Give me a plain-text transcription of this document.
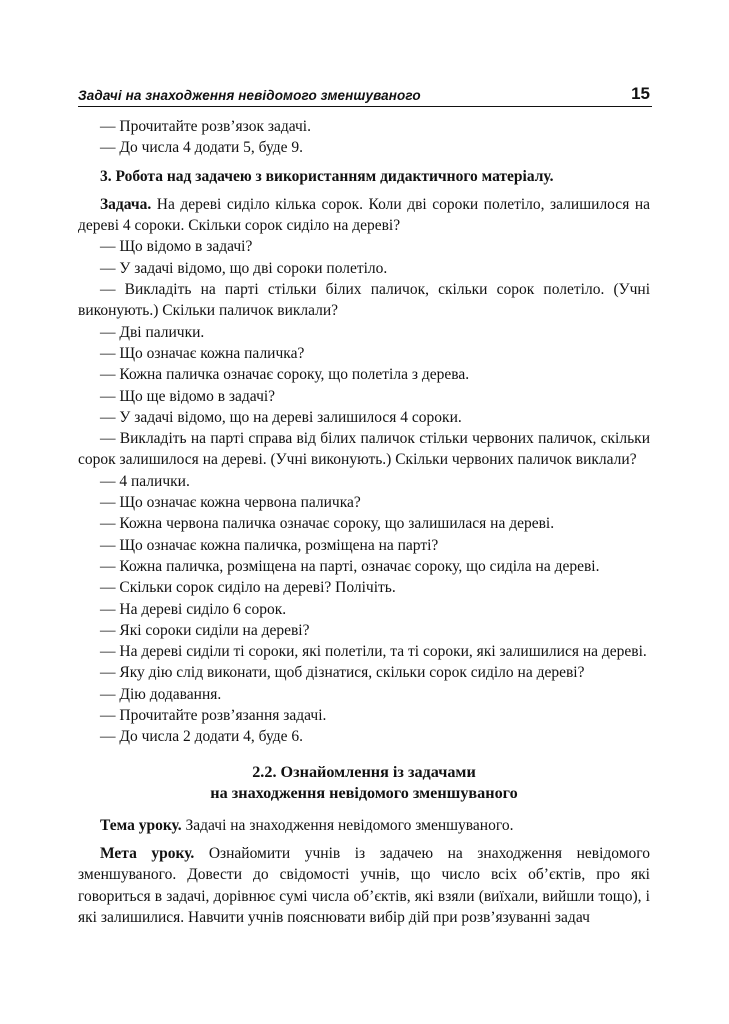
Задачі на знаходження невідомого зменшуваного	15

— Прочитайте розв’язок задачі.

— До числа 4 додати 5, буде 9.

3. Робота над задачею з використанням дидактичного матеріалу.

Задача. На дереві сиділо кілька сорок. Коли дві сороки полетіло, залишилося на дереві 4 сороки. Скільки сорок сиділо на дереві?

— Що відомо в задачі?

— У задачі відомо, що дві сороки полетіло.

— Викладіть на парті стільки білих паличок, скільки сорок полетіло. (Учні виконують.) Скільки паличок виклали?

— Дві палички.

— Що означає кожна паличка?

— Кожна паличка означає сороку, що полетіла з дерева.

— Що ще відомо в задачі?

— У задачі відомо, що на дереві залишилося 4 сороки.

— Викладіть на парті справа від білих паличок стільки червоних паличок, скільки сорок залишилося на дереві. (Учні виконують.) Скільки червоних паличок виклали?

— 4 палички.

— Що означає кожна червона паличка?

— Кожна червона паличка означає сороку, що залишилася на дереві.

— Що означає кожна паличка, розміщена на парті?

— Кожна паличка, розміщена на парті, означає сороку, що сиділа на дереві.

— Скільки сорок сиділо на дереві? Полічіть.

— На дереві сиділо 6 сорок.

— Які сороки сиділи на дереві?

— На дереві сиділи ті сороки, які полетіли, та ті сороки, які залишилися на дереві.

— Яку дію слід виконати, щоб дізнатися, скільки сорок сиділо на дереві?

— Дію додавання.

— Прочитайте розв’язання задачі.

— До числа 2 додати 4, буде 6.

2.2. Ознайомлення із задачами
на знаходження невідомого зменшуваного

Тема уроку. Задачі на знаходження невідомого зменшуваного.

Мета уроку. Ознайомити учнів із задачею на знаходження невідомого зменшуваного. Довести до свідомості учнів, що число всіх об’єктів, про які говориться в задачі, дорівнює сумі числа об’єктів, які взяли (виїхали, вийшли тощо), і які залишилися. Навчити учнів пояснювати вибір дій при розв’язуванні задач
